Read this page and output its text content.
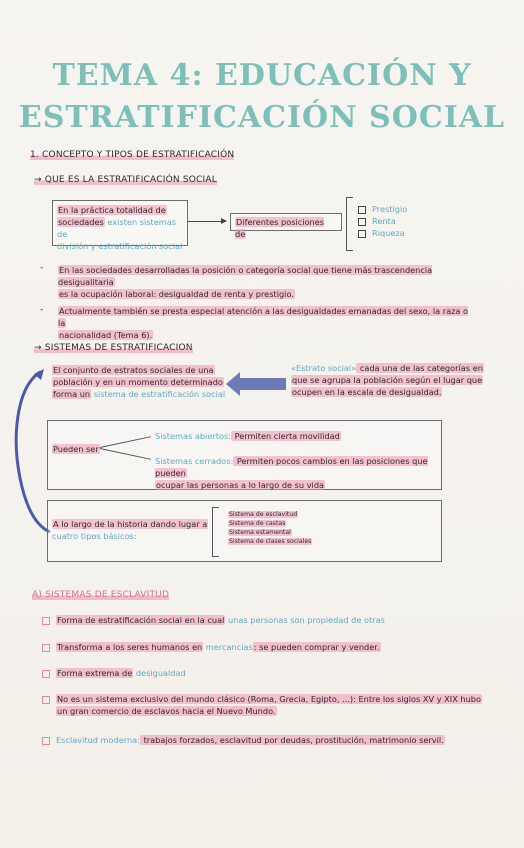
TEMA 4: EDUCACIÓN Y
ESTRATIFICACIÓN SOCIAL
1. CONCEPTO Y TIPOS DE ESTRATIFICACIÓN
→ QUE ES LA ESTRATIFICACIÓN SOCIAL
En la práctica totalidad de
sociedades existen sistemas de
división y estratificación social
Diferentes posiciones de
Prestigio
Renta
Riqueza
- En las sociedades desarrolladas la posición o categoría social que tiene más trascendencia desigualitaria
es la ocupación laboral: desigualdad de renta y prestigio.
- Actualmente también se presta especial atención a las desigualdades emanadas del sexo, la raza o la
nacionalidad (Tema 6).
→ SISTEMAS DE ESTRATIFICACION
El conjunto de estratos sociales de una
población y en un momento determinado
forma un sistema de estratificación social
«Estrato social» cada una de las categorías en
que se agrupa la población según el lugar que
ocupen en la escala de desigualdad.
Pueden ser
Sistemas abiertos: Permiten cierta movilidad
Sistemas cerrados: Permiten pocos cambios en las posiciones que pueden
ocupar las personas a lo largo de su vida
A lo largo de la historia dando lugar a
cuatro tipos básicos:
Sistema de esclavitud
Sistema de castas
Sistema estamental
Sistema de clases sociales
A) SISTEMAS DE ESCLAVITUD
Forma de estratificación social en la cual unas personas son propiedad de otras
Transforma a los seres humanos en mercancías: se pueden comprar y vender.
Forma extrema de desigualdad
No es un sistema exclusivo del mundo clásico (Roma, Grecia, Egipto, ...): Entre los siglos XV y XIX hubo
un gran comercio de esclavos hacia el Nuevo Mundo.
Esclavitud moderna: trabajos forzados, esclavitud por deudas, prostitución, matrimonio servil.
